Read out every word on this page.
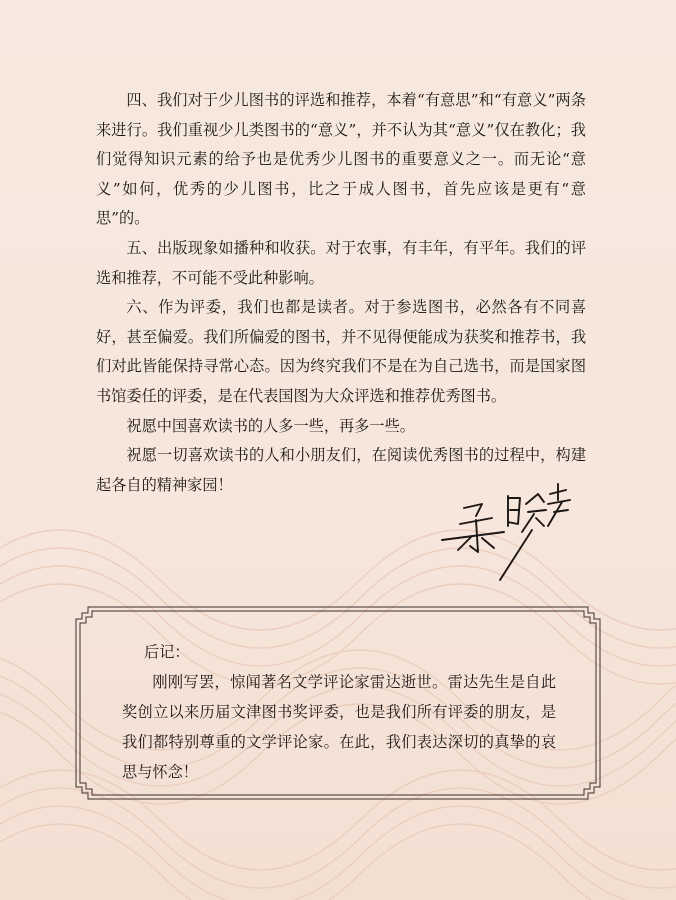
四、我们对于少儿图书的评选和推荐，本着“有意思”和“有意义”两条来进行。我们重视少儿类图书的“意义”，并不认为其“意义”仅在教化；我们觉得知识元素的给予也是优秀少儿图书的重要意义之一。而无论“意义”如何，优秀的少儿图书，比之于成人图书，首先应该是更有“意思”的。

五、出版现象如播种和收获。对于农事，有丰年，有平年。我们的评选和推荐，不可能不受此种影响。

六、作为评委，我们也都是读者。对于参选图书，必然各有不同喜好，甚至偏爱。我们所偏爱的图书，并不见得便能成为获奖和推荐书，我们对此皆能保持寻常心态。因为终究我们不是在为自己选书，而是国家图书馆委任的评委，是在代表国图为大众评选和推荐优秀图书。

祝愿中国喜欢读书的人多一些，再多一些。

祝愿一切喜欢读书的人和小朋友们，在阅读优秀图书的过程中，构建起各自的精神家园！

后记：

刚刚写罢，惊闻著名文学评论家雷达逝世。雷达先生是自此奖创立以来历届文津图书奖评委，也是我们所有评委的朋友，是我们都特别尊重的文学评论家。在此，我们表达深切的真挚的哀思与怀念！
